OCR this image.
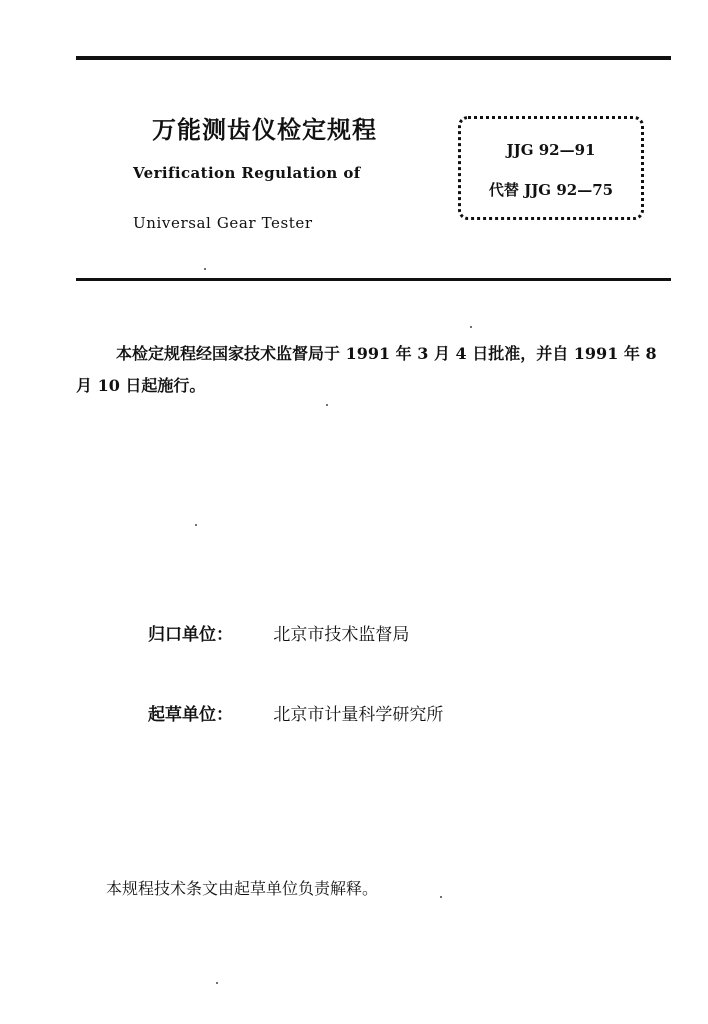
万能测齿仪检定规程
Verification Regulation of
Universal Gear Tester
JJG 92—91
代替 JJG 92—75
本检定规程经国家技术监督局于 1991 年 3 月 4 日批准，并自 1991 年 8 月 10 日起施行。
归口单位： 北京市技术监督局
起草单位： 北京市计量科学研究所
本规程技术条文由起草单位负责解释。
